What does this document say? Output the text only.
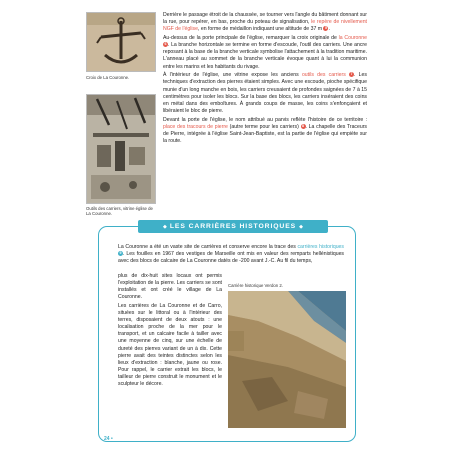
Croix de La Couronne.
Outils des carriers, vitrine église de La Couronne.

Derrière le passage étroit de la chaussée, se tourner vers l'angle du bâtiment donnant sur la rue, pour repérer, en bas, proche du poteau de signalisation, le repère de nivellement NGF de l'église, en forme de médaillon indiquant une altitude de 37 m 5 .

Au-dessus de la porte principale de l'église, remarquer la croix originale de la Couronne 6 . La branche horizontale se termine en forme d'escoude, l'outil des carriers. Une ancre reposant à la base de la branche verticale symbolise l'attachement à la tradition maritime. L'anneau placé au sommet de la branche verticale évoque quant à lui la communion entre les marins et les habitants du rivage.

À l'intérieur de l'église, une vitrine expose les anciens outils des carriers 7 . Les techniques d'extraction des pierres étaient simples. Avec une escoude, pioche spécifique munie d'un long manche en bois, les carriers creusaient de profondes saignées de 7 à 15 centimètres pour isoler les blocs. Sur la base des blocs, les carriers inséraient des coins en métal dans des emboîtures. À grands coups de masse, les coins s'enfonçaient et libéraient le bloc de pierre.

Devant la porte de l'église, le nom attribué au parvis reflète l'histoire de ce territoire : place des tracours de pierre (autre terme pour les carriers) 8 . La chapelle des Traceurs de Pierre, intégrée à l'église Saint-Jean-Baptiste, est la partie de l'église qui empiète sur la route.

◆ LES CARRIÈRES HISTORIQUES ◆
La Couronne a été un vaste site de carrières et conserve encore la trace des carrières historiques 9 . Les fouilles en 1967 des vestiges de Marseille ont mis en valeur des remparts hellénistiques avec des blocs de calcaire de La Couronne datés de -200 avant J.-C. Au fil du temps,

plus de dix-huit sites locaux ont permis l'exploitation de la pierre. Les carriers se sont installés et ont créé le village de La Couronne.

Les carrières de La Couronne et de Carro, situées sur le littoral ou à l'intérieur des terres, disposaient de deux atouts : une localisation proche de la mer pour le transport, et un calcaire facile à tailler avec une moyenne de cinq, sur une échelle de dureté des pierres variant de un à dix. Cette pierre avait des teintes distinctes selon les lieux d'extraction : blanche, jaune ou rose. Pour rappel, le carrier extrait les blocs, le tailleur de pierre construit le monument et le sculpteur le décore.

Carrière historique Verdon 2.
24 •
